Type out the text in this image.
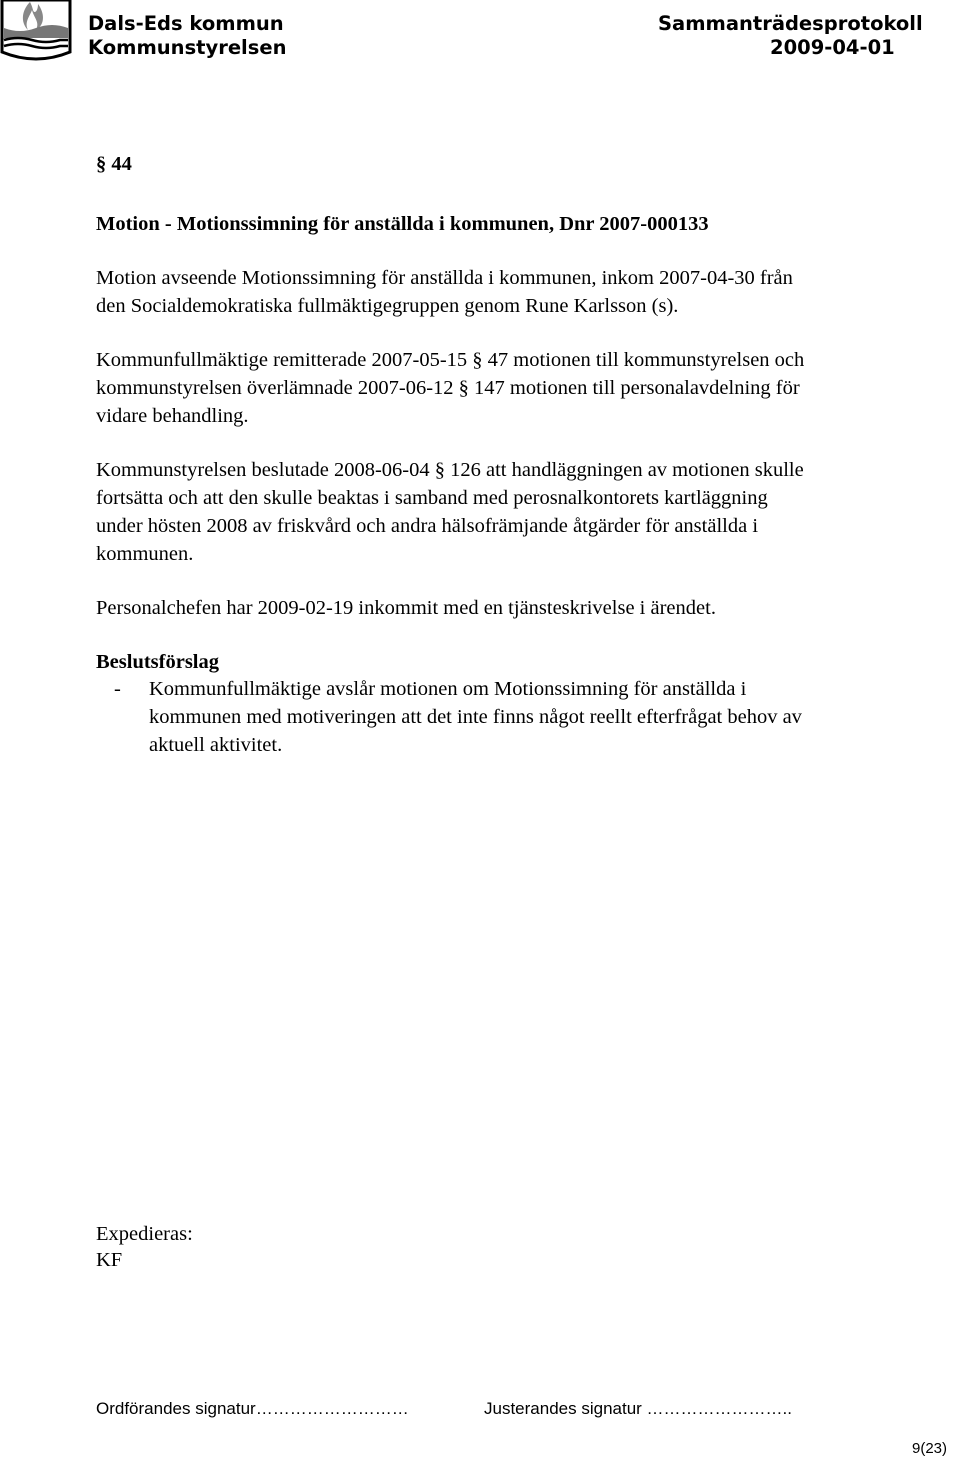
Dals-Eds kommun
Kommunstyrelsen
Sammanträdesprotokoll
2009-04-01
§ 44
Motion - Motionssimning för anställda i kommunen, Dnr 2007-000133
Motion avseende Motionssimning för anställda i kommunen, inkom 2007-04-30 från
den Socialdemokratiska fullmäktigegruppen genom Rune Karlsson (s).
Kommunfullmäktige remitterade 2007-05-15 § 47 motionen till kommunstyrelsen och
kommunstyrelsen överlämnade 2007-06-12 § 147 motionen till personalavdelning för
vidare behandling.
Kommunstyrelsen beslutade 2008-06-04 § 126 att handläggningen av motionen skulle
fortsätta och att den skulle beaktas i samband med perosnalkontorets kartläggning
under hösten 2008 av friskvård och andra hälsofrämjande åtgärder för anställda i
kommunen.
Personalchefen har 2009-02-19 inkommit med en tjänsteskrivelse i ärendet.
Beslutsförslag
- Kommunfullmäktige avslår motionen om Motionssimning för anställda i
kommunen med motiveringen att det inte finns något reellt efterfrågat behov av
aktuell aktivitet.
Expedieras:
KF
Ordförandes signatur………………………	Justerandes signatur ……………………..
9(23)
